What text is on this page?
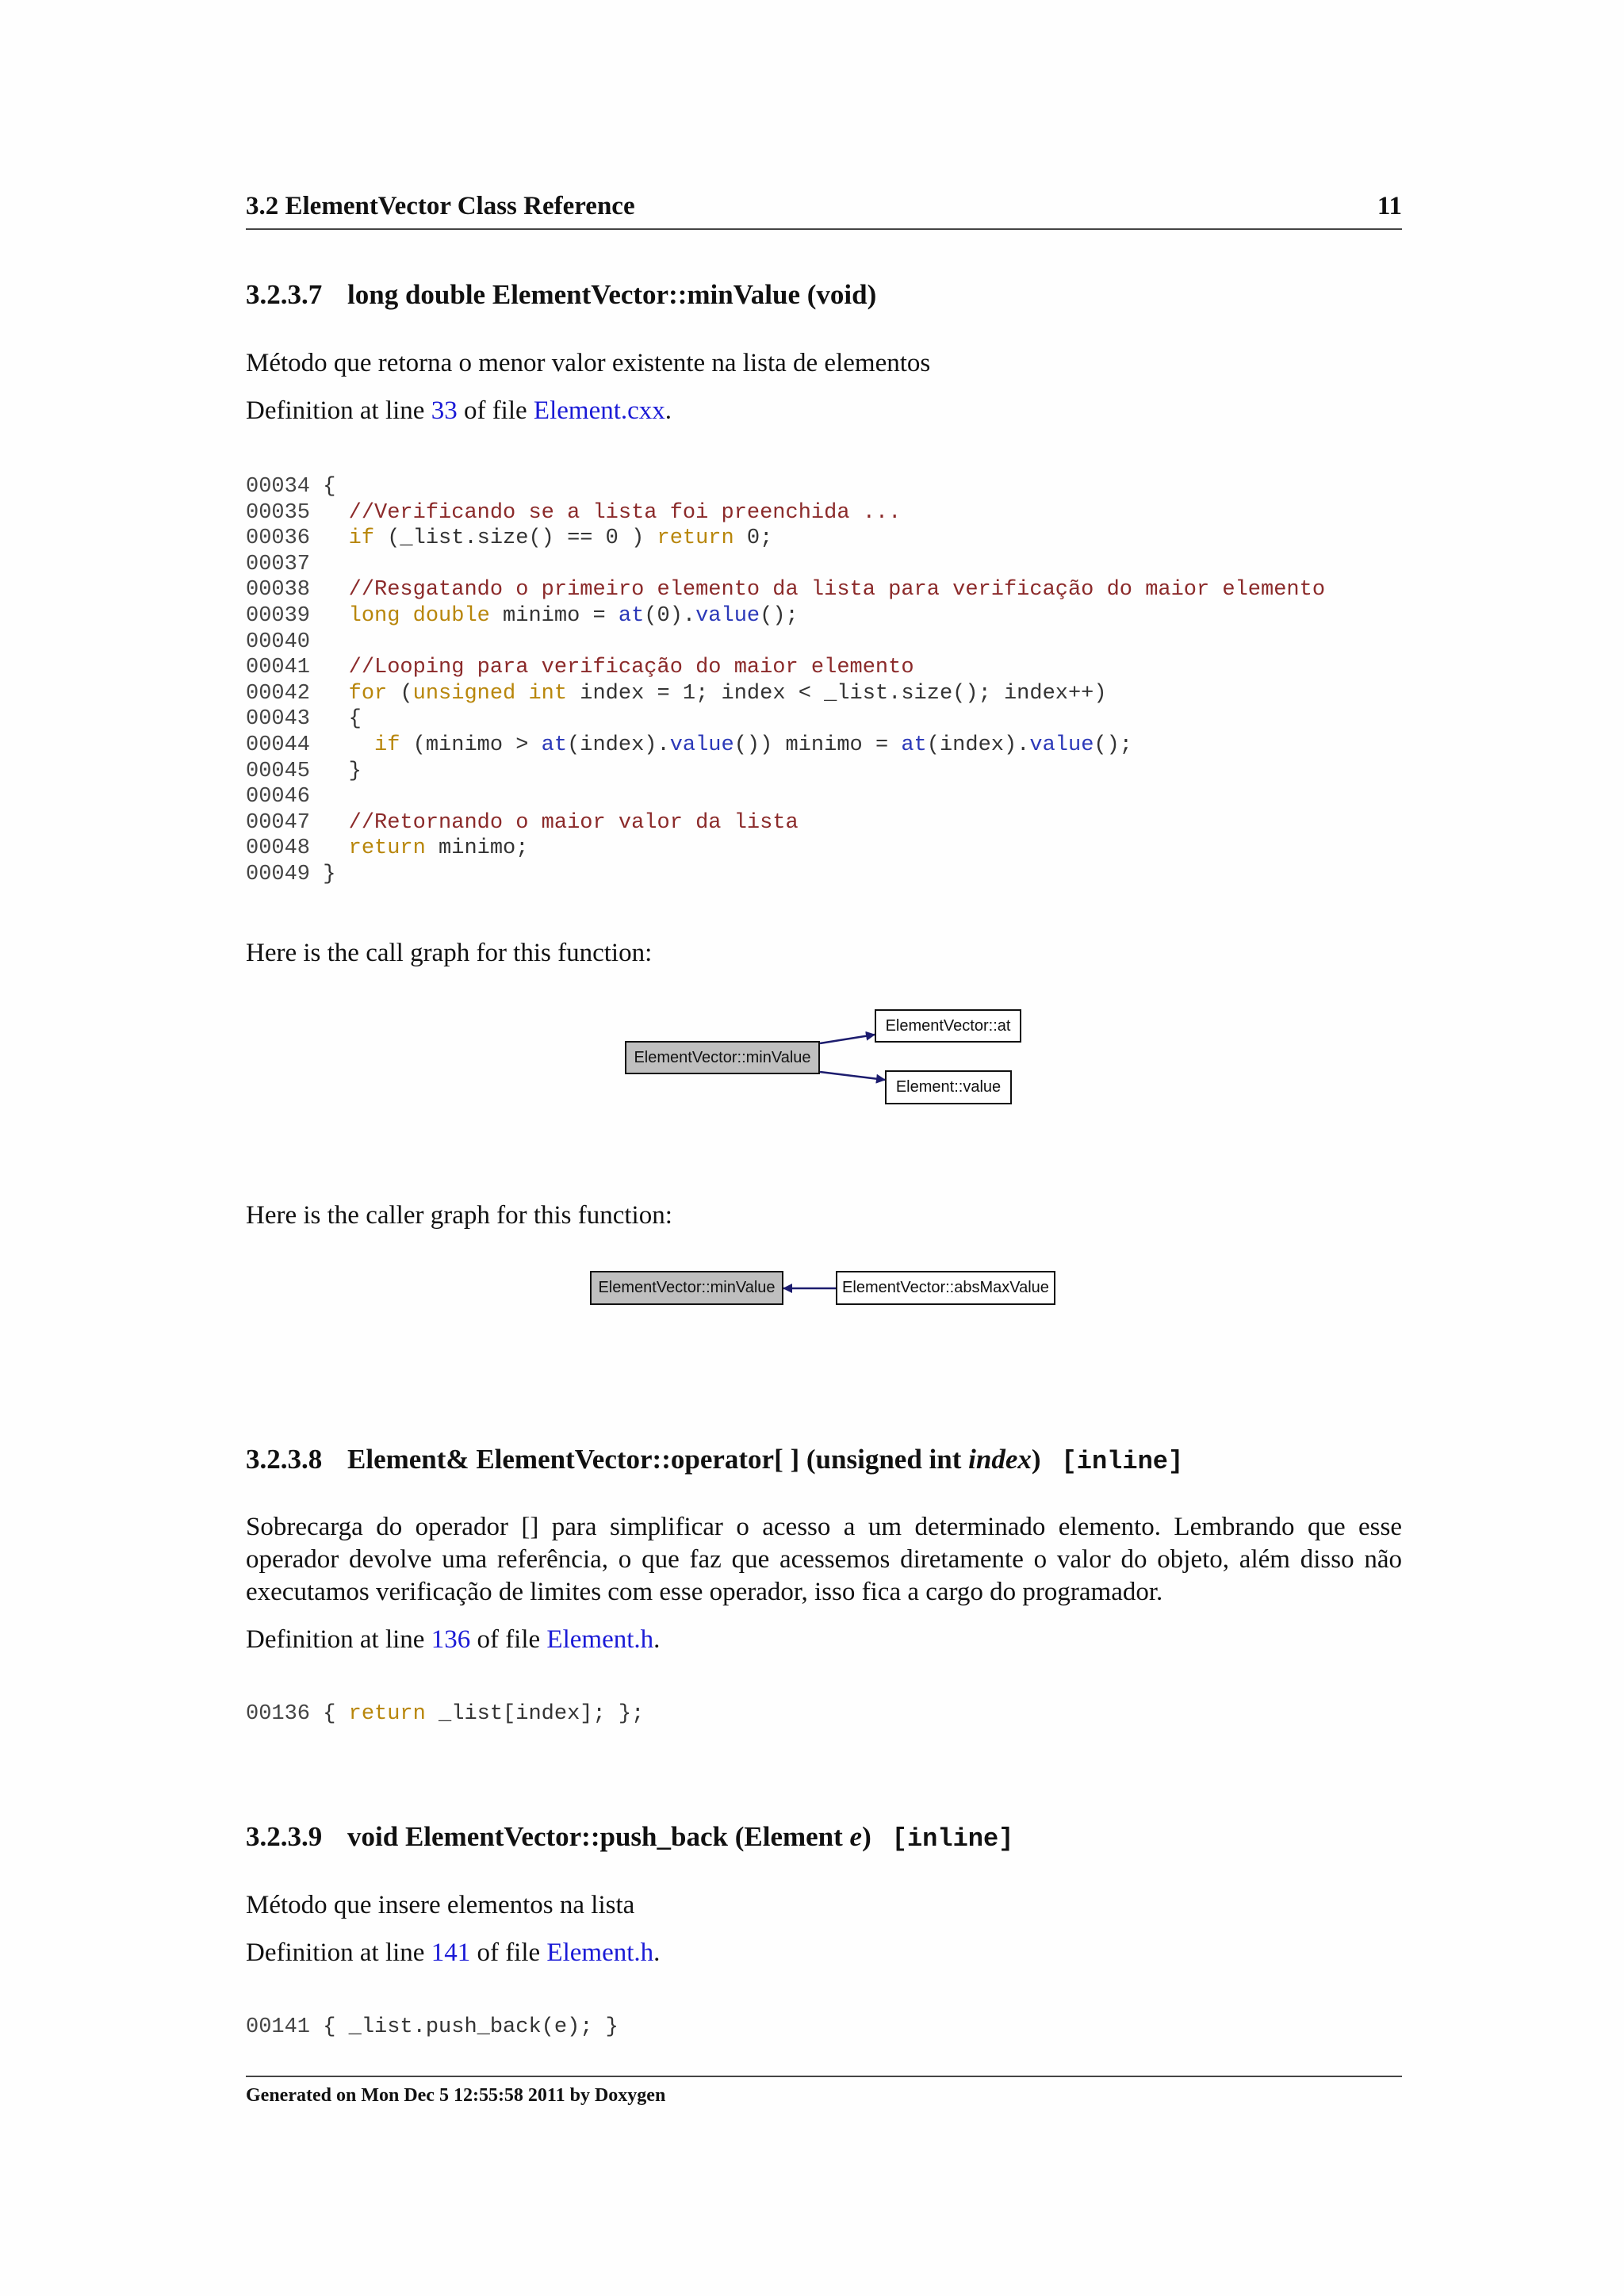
3.2 ElementVector Class Reference	11
3.2.3.7 long double ElementVector::minValue (void)
Método que retorna o menor valor existente na lista de elementos
Definition at line 33 of file Element.cxx.
00034 {
00035 //Verificando se a lista foi preenchida ...
00036 if (_list.size() == 0 ) return 0;
00037
00038 //Resgatando o primeiro elemento da lista para verificação do maior elemento
00039 long double minimo = at(0).value();
00040
00041 //Looping para verificação do maior elemento
00042 for (unsigned int index = 1; index < _list.size(); index++)
00043 {
00044	if (minimo > at(index).value()) minimo = at(index).value();
00045 }
00046
00047 //Retornando o maior valor da lista
00048 return minimo;
00049 }
Here is the call graph for this function:
ElementVector::minValue
ElementVector::at
Element::value
Here is the caller graph for this function:
ElementVector::minValue	ElementVector::absMaxValue
3.2.3.8 Element& ElementVector::operator[ ] (unsigned int index) [inline]
Sobrecarga do operador [] para simplificar o acesso a um determinado elemento. Lembrando que esse operador devolve uma referência, o que faz que acessemos diretamente o valor do objeto, além disso não executamos verificação de limites com esse operador, isso fica a cargo do programador.
Definition at line 136 of file Element.h.
00136 { return _list[index]; };
3.2.3.9 void ElementVector::push_back (Element e) [inline]
Método que insere elementos na lista
Definition at line 141 of file Element.h.
00141 { _list.push_back(e); }
Generated on Mon Dec 5 12:55:58 2011 by Doxygen
